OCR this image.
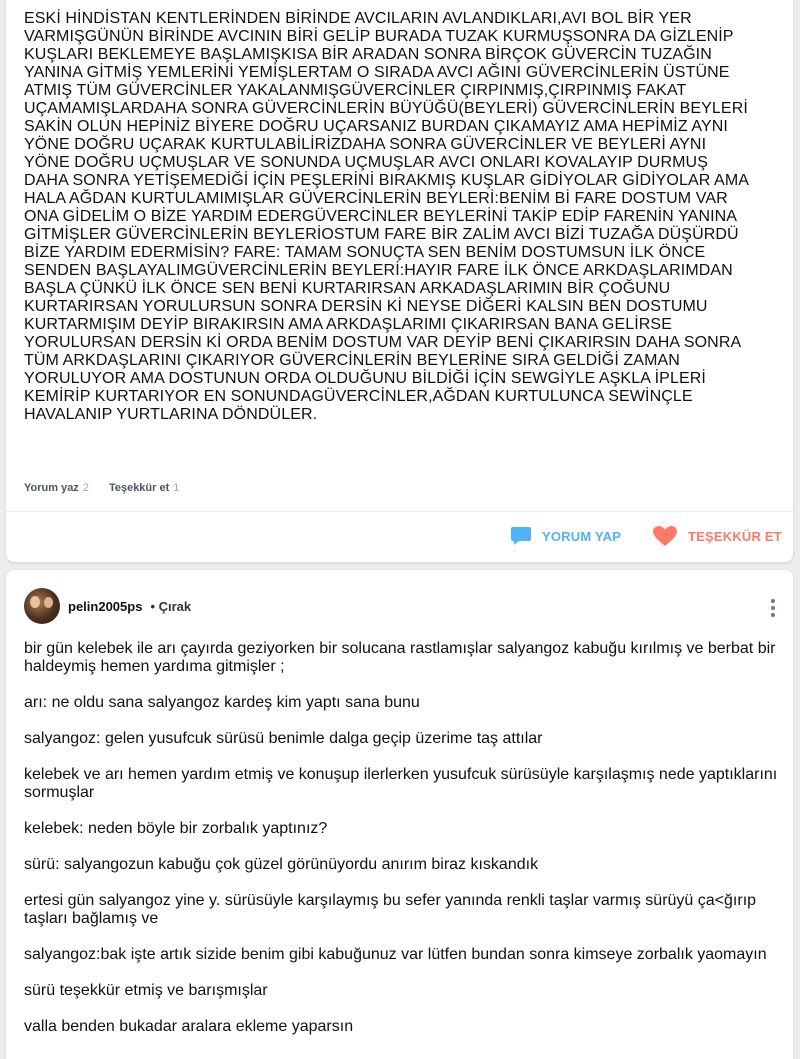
ESKİ HİNDİSTAN KENTLERİNDEN BİRİNDE AVCILARIN AVLANDIKLARI,AVI BOL BİR YER
VARMIŞGÜNÜN BİRİNDE AVCININ BİRİ GELİP BURADA TUZAK KURMUŞSONRA DA GİZLENİP
KUŞLARI BEKLEMEYE BAŞLAMIŞKISA BİR ARADAN SONRA BİRÇOK GÜVERCİN TUZAĞIN
YANINA GİTMİŞ YEMLERİNİ YEMİŞLERTAM O SIRADA AVCI AĞINI GÜVERCİNLERİN ÜSTÜNE
ATMIŞ TÜM GÜVERCİNLER YAKALANMIŞGÜVERCİNLER ÇIRPINMIŞ,ÇIRPINMIŞ FAKAT
UÇAMAMIŞLARDAHA SONRA GÜVERCİNLERİN BÜYÜĞÜ(BEYLERİ) GÜVERCİNLERİN BEYLERİ
SAKİN OLUN HEPİNİZ BİYERE DOĞRU UÇARSANIZ BURDAN ÇIKAMAYIZ AMA HEPİMİZ AYNI
YÖNE DOĞRU UÇARAK KURTULABİLİRİZDAHA SONRA GÜVERCİNLER VE BEYLERİ AYNI
YÖNE DOĞRU UÇMUŞLAR VE SONUNDA UÇMUŞLAR AVCI ONLARI KOVALAYIP DURMUŞ
DAHA SONRA YETİŞEMEDİĞİ İÇİN PEŞLERİNİ BIRAKMIŞ KUŞLAR GİDİYOLAR GİDİYOLAR AMA
HALA AĞDAN KURTULAMIMIŞLAR GÜVERCİNLERİN BEYLERİ:BENİM Bİ FARE DOSTUM VAR
ONA GİDELİM O BİZE YARDIM EDERGÜVERCİNLER BEYLERİNİ TAKİP EDİP FARENİN YANINA
GİTMİŞLER GÜVERCİNLERİN BEYLERİOSTUM FARE BİR ZALİM AVCI BİZİ TUZAĞA DÜŞÜRDÜ
BİZE YARDIM EDERMİSİN? FARE: TAMAM SONUÇTA SEN BENİM DOSTUMSUN İLK ÖNCE
SENDEN BAŞLAYALIMGÜVERCİNLERİN BEYLERİ:HAYIR FARE İLK ÖNCE ARKDAŞLARIMDAN
BAŞLA ÇÜNKÜ İLK ÖNCE SEN BENİ KURTARIRSAN ARKADAŞLARIMIN BİR ÇOĞUNU
KURTARIRSAN YORULURSUN SONRA DERSİN Kİ NEYSE DİĞERİ KALSIN BEN DOSTUMU
KURTARMIŞIM DEYİP BIRAKIRSIN AMA ARKDAŞLARIMI ÇIKARIRSAN BANA GELİRSE
YORULURSAN DERSİN Kİ ORDA BENİM DOSTUM VAR DEYİP BENİ ÇIKARIRSIN DAHA SONRA
TÜM ARKDAŞLARINI ÇIKARIYOR GÜVERCİNLERİN BEYLERİNE SIRA GELDİĞİ ZAMAN
YORULUYOR AMA DOSTUNUN ORDA OLDUĞUNU BİLDİĞİ İÇİN SEWGİYLE AŞKLA İPLERİ
KEMİRİP KURTARIYOR EN SONUNDAGÜVERCİNLER,AĞDAN KURTULUNCA SEWİNÇLE
HAVALANIP YURTLARINA DÖNDÜLER.
Yorum yaz 2 Teşekkür et 1
YORUM YAP	TEŞEKKÜR ET
pelin2005ps • Çırak

bir gün kelebek ile arı çayırda geziyorken bir solucana rastlamışlar salyangoz kabuğu kırılmış ve berbat bir haldeymiş hemen yardıma gitmişler ;

arı: ne oldu sana salyangoz kardeş kim yaptı sana bunu

salyangoz: gelen yusufcuk sürüsü benimle dalga geçip üzerime taş attılar

kelebek ve arı hemen yardım etmiş ve konuşup ilerlerken yusufcuk sürüsüyle karşılaşmış nede yaptıklarını sormuşlar

kelebek: neden böyle bir zorbalık yaptınız?

sürü: salyangozun kabuğu çok güzel görünüyordu anırım biraz kıskandık

ertesi gün salyangoz yine y. sürüsüyle karşılaymış bu sefer yanında renkli taşlar varmış sürüyü ça<ğırıp taşları bağlamış ve

salyangoz:bak işte artık sizide benim gibi kabuğunuz var lütfen bundan sonra kimseye zorbalık yaomayın

sürü teşekkür etmiş ve barışmışlar

valla benden bukadar aralara ekleme yaparsın
